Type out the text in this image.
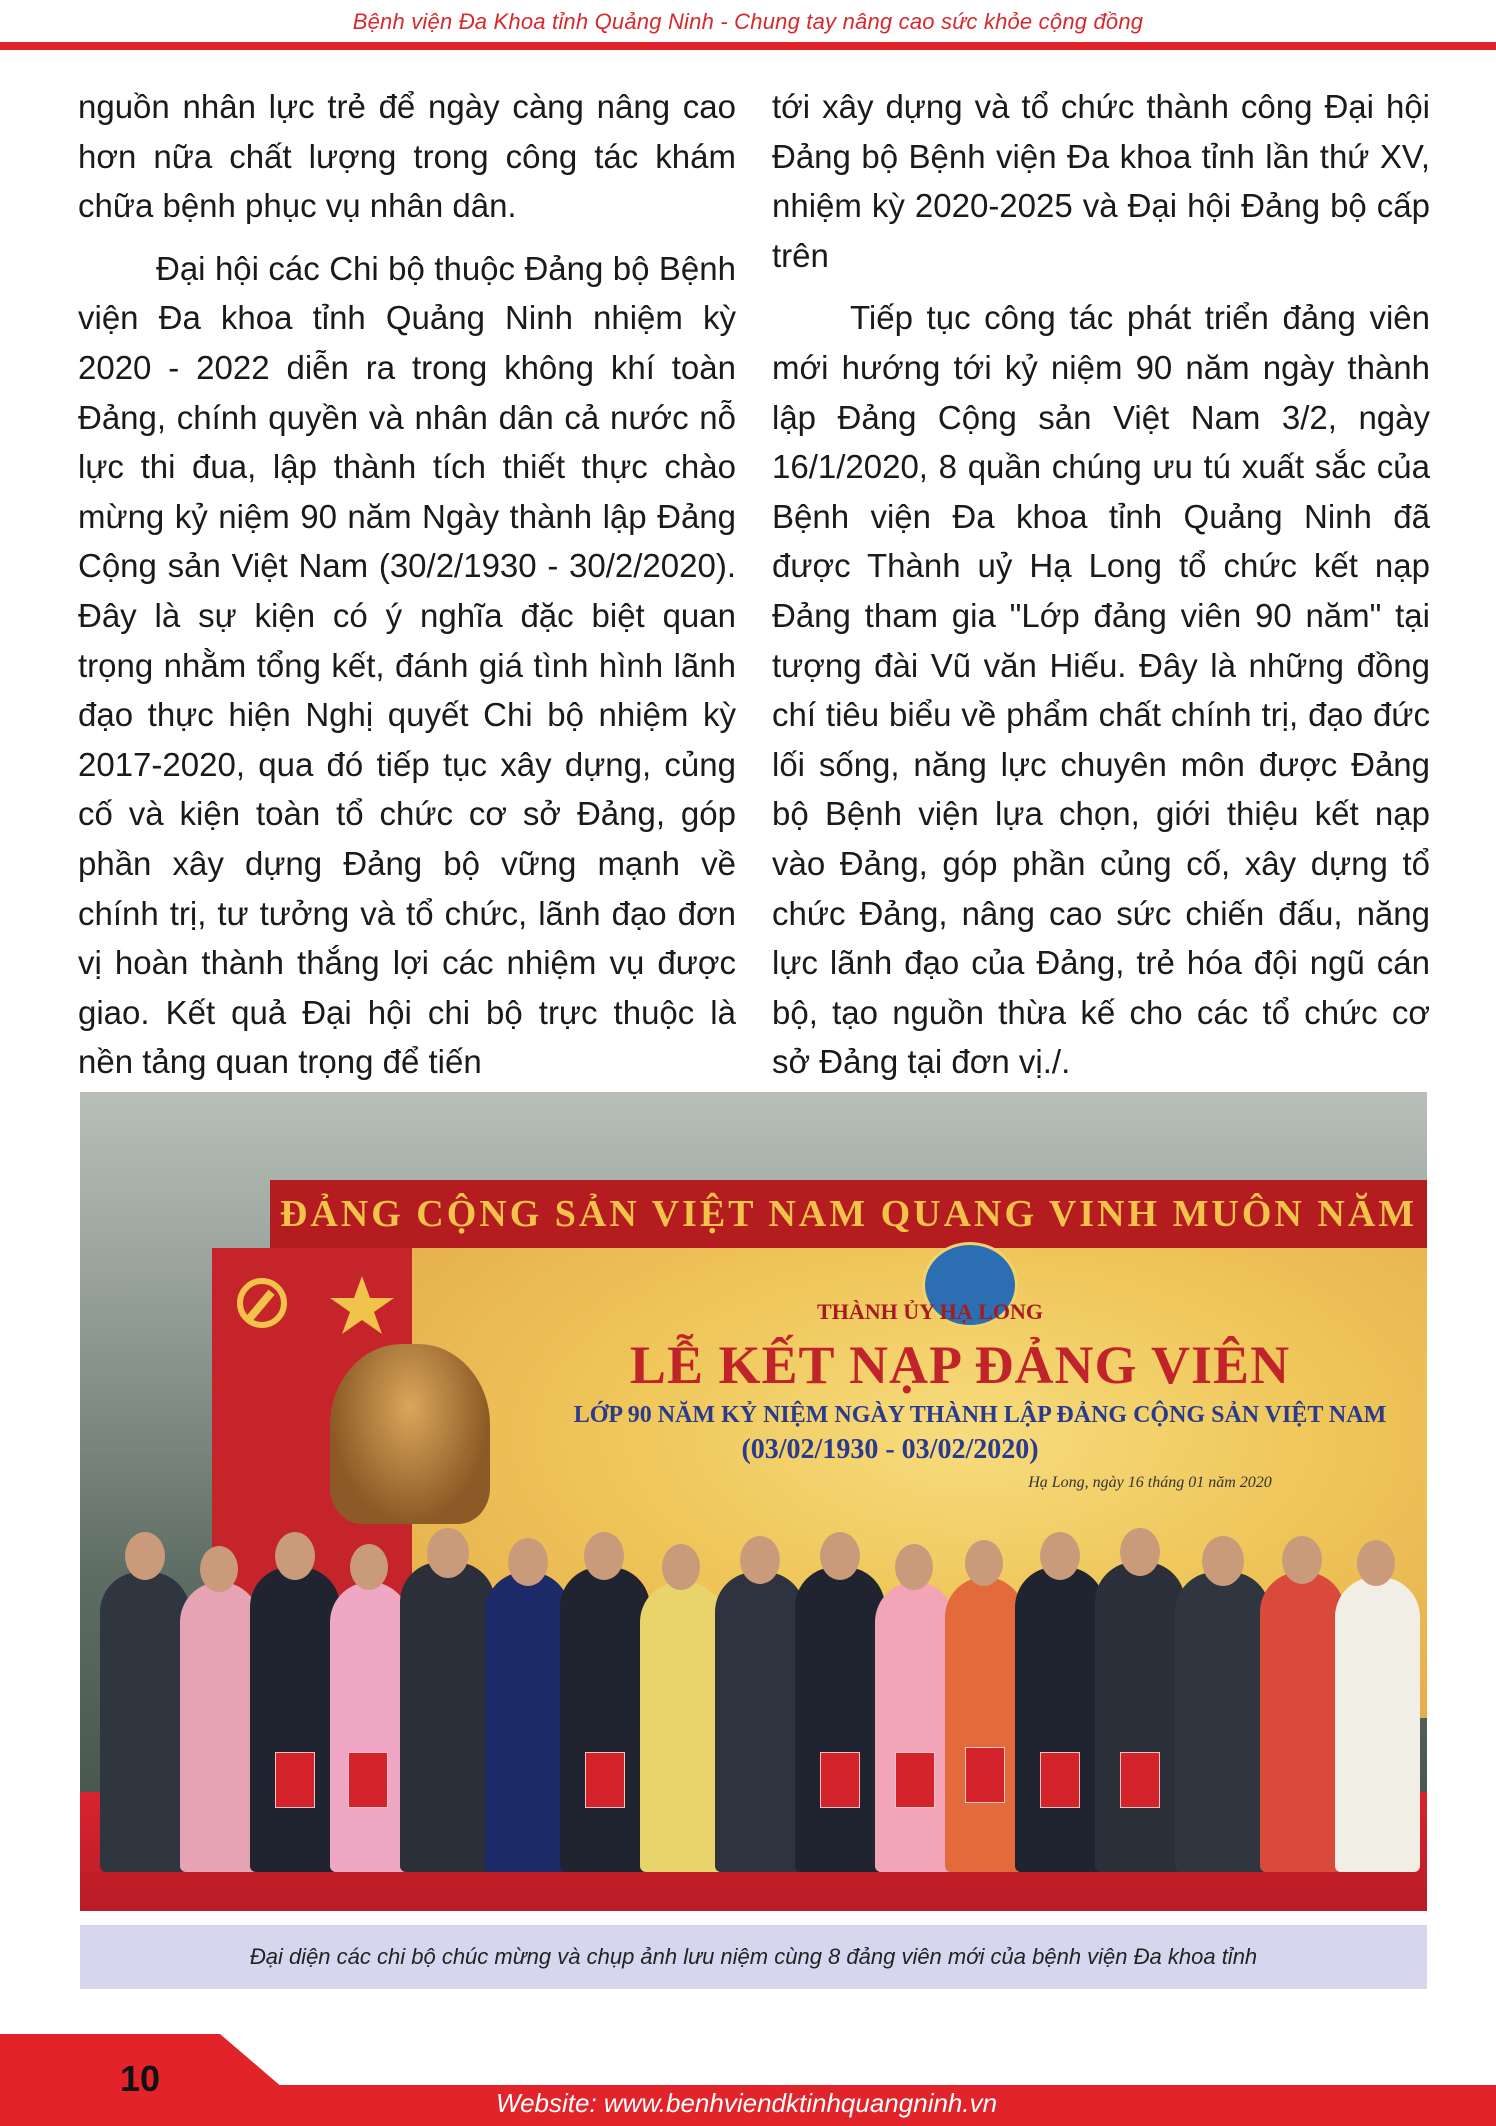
Bệnh viện Đa Khoa tỉnh Quảng Ninh - Chung tay nâng cao sức khỏe cộng đồng

nguồn nhân lực trẻ để ngày càng nâng cao hơn nữa chất lượng trong công tác khám chữa bệnh phục vụ nhân dân.

Đại hội các Chi bộ thuộc Đảng bộ Bệnh viện Đa khoa tỉnh Quảng Ninh nhiệm kỳ 2020 - 2022 diễn ra trong không khí toàn Đảng, chính quyền và nhân dân cả nước nỗ lực thi đua, lập thành tích thiết thực chào mừng kỷ niệm 90 năm Ngày thành lập Đảng Cộng sản Việt Nam (30/2/1930 - 30/2/2020). Đây là sự kiện có ý nghĩa đặc biệt quan trọng nhằm tổng kết, đánh giá tình hình lãnh đạo thực hiện Nghị quyết Chi bộ nhiệm kỳ 2017-2020, qua đó tiếp tục xây dựng, củng cố và kiện toàn tổ chức cơ sở Đảng, góp phần xây dựng Đảng bộ vững mạnh về chính trị, tư tưởng và tổ chức, lãnh đạo đơn vị hoàn thành thắng lợi các nhiệm vụ được giao. Kết quả Đại hội chi bộ trực thuộc là nền tảng quan trọng để tiến

tới xây dựng và tổ chức thành công Đại hội Đảng bộ Bệnh viện Đa khoa tỉnh lần thứ XV, nhiệm kỳ 2020-2025 và Đại hội Đảng bộ cấp trên

Tiếp tục công tác phát triển đảng viên mới hướng tới kỷ niệm 90 năm ngày thành lập Đảng Cộng sản Việt Nam 3/2, ngày 16/1/2020, 8 quần chúng ưu tú xuất sắc của Bệnh viện Đa khoa tỉnh Quảng Ninh đã được Thành uỷ Hạ Long tổ chức kết nạp Đảng tham gia "Lớp đảng viên 90 năm" tại tượng đài Vũ văn Hiếu. Đây là những đồng chí tiêu biểu về phẩm chất chính trị, đạo đức lối sống, năng lực chuyên môn được Đảng bộ Bệnh viện lựa chọn, giới thiệu kết nạp vào Đảng, góp phần củng cố, xây dựng tổ chức Đảng, nâng cao sức chiến đấu, năng lực lãnh đạo của Đảng, trẻ hóa đội ngũ cán bộ, tạo nguồn thừa kế cho các tổ chức cơ sở Đảng tại đơn vị./.

ĐẢNG CỘNG SẢN VIỆT NAM QUANG VINH MUÔN NĂM
THÀNH ỦY HẠ LONG
LỄ KẾT NẠP ĐẢNG VIÊN
LỚP 90 NĂM KỶ NIỆM NGÀY THÀNH LẬP ĐẢNG CỘNG SẢN VIỆT NAM
(03/02/1930 - 03/02/2020)
Hạ Long, ngày 16 tháng 01 năm 2020
Đại diện các chi bộ chúc mừng và chụp ảnh lưu niệm cùng 8 đảng viên mới của bệnh viện Đa khoa tỉnh
10
Website: www.benhviendktinhquangninh.vn
